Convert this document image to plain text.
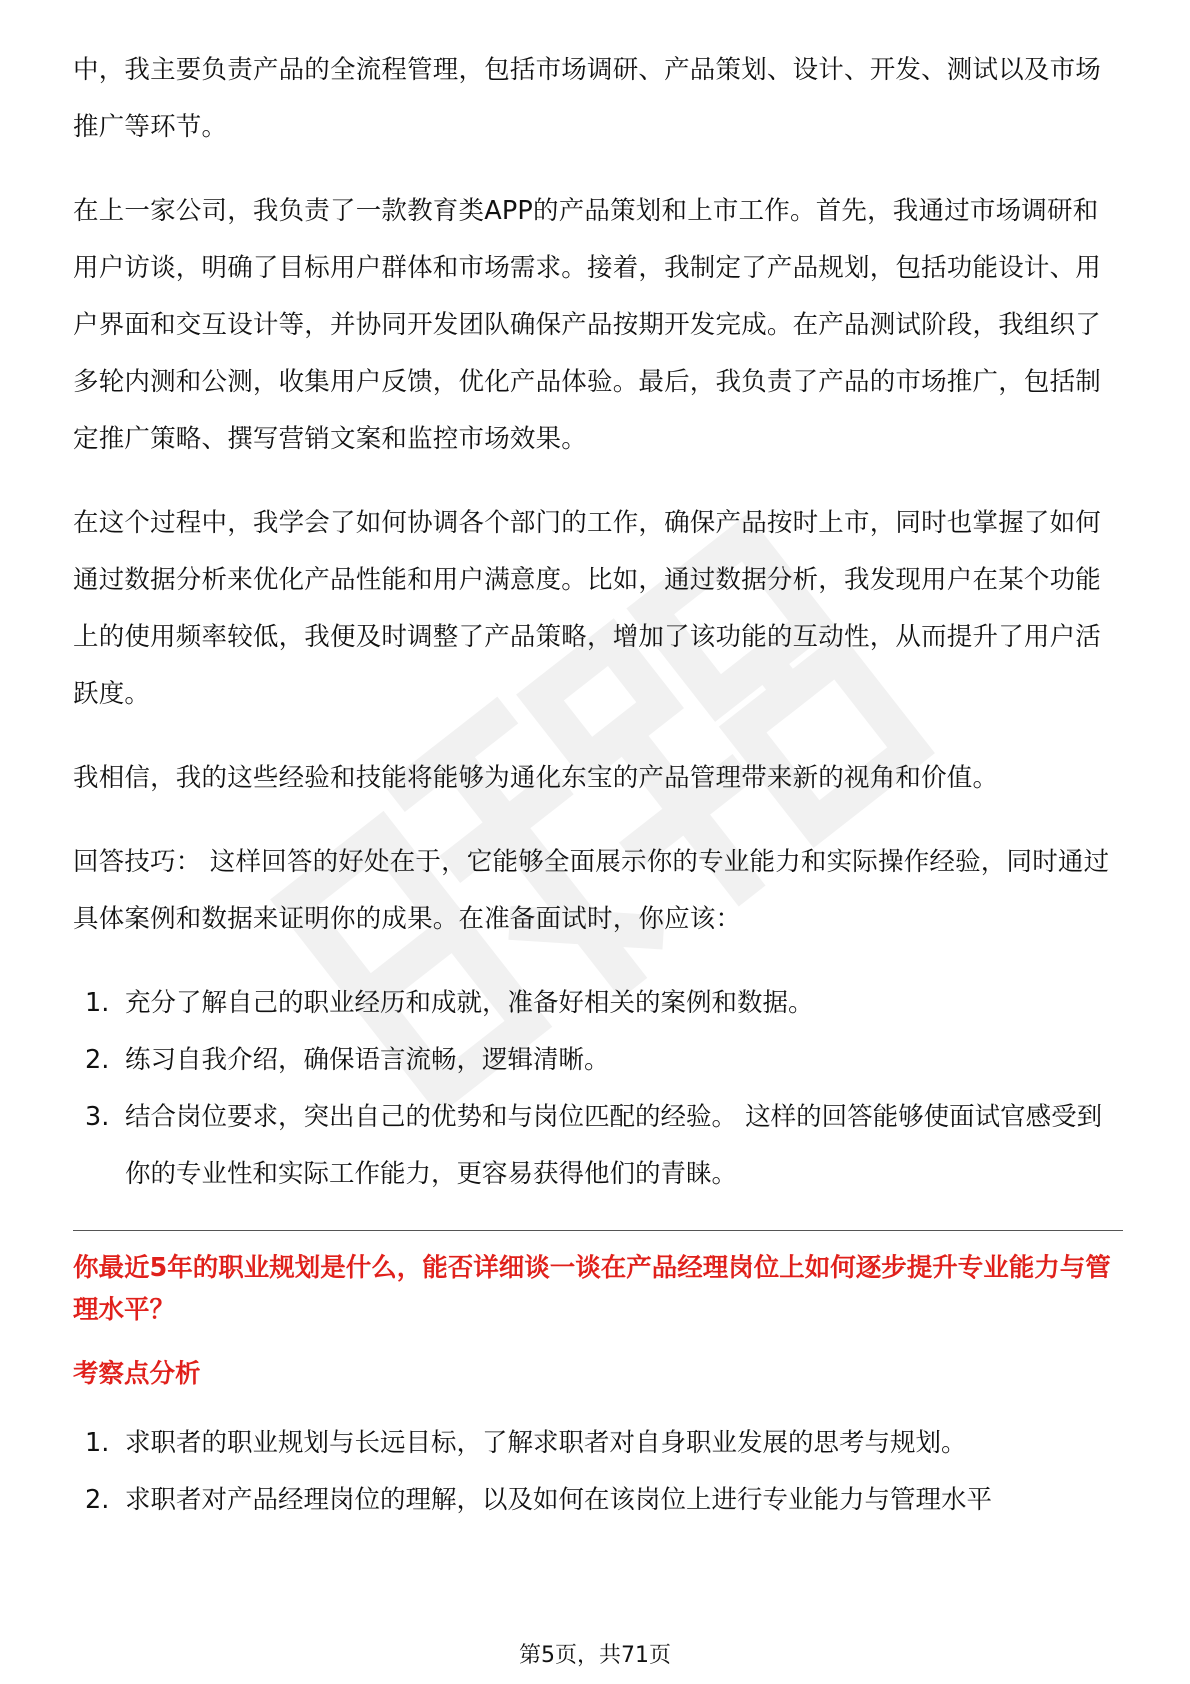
中，我主要负责产品的全流程管理，包括市场调研、产品策划、设计、开发、测试以及市场推广等环节。

在上一家公司，我负责了一款教育类APP的产品策划和上市工作。首先，我通过市场调研和用户访谈，明确了目标用户群体和市场需求。接着，我制定了产品规划，包括功能设计、用户界面和交互设计等，并协同开发团队确保产品按期开发完成。在产品测试阶段，我组织了多轮内测和公测，收集用户反馈，优化产品体验。最后，我负责了产品的市场推广，包括制定推广策略、撰写营销文案和监控市场效果。

在这个过程中，我学会了如何协调各个部门的工作，确保产品按时上市，同时也掌握了如何通过数据分析来优化产品性能和用户满意度。比如，通过数据分析，我发现用户在某个功能上的使用频率较低，我便及时调整了产品策略，增加了该功能的互动性，从而提升了用户活跃度。

我相信，我的这些经验和技能将能够为通化东宝的产品管理带来新的视角和价值。

回答技巧： 这样回答的好处在于，它能够全面展示你的专业能力和实际操作经验，同时通过具体案例和数据来证明你的成果。在准备面试时，你应该：

1. 充分了解自己的职业经历和成就，准备好相关的案例和数据。
2. 练习自我介绍，确保语言流畅，逻辑清晰。
3. 结合岗位要求，突出自己的优势和与岗位匹配的经验。 这样的回答能够使面试官感受到你的专业性和实际工作能力，更容易获得他们的青睐。
你最近5年的职业规划是什么，能否详细谈一谈在产品经理岗位上如何逐步提升专业能力与管理水平？
考察点分析
1. 求职者的职业规划与长远目标，了解求职者对自身职业发展的思考与规划。
2. 求职者对产品经理岗位的理解，以及如何在该岗位上进行专业能力与管理水平
第5页，共71页
